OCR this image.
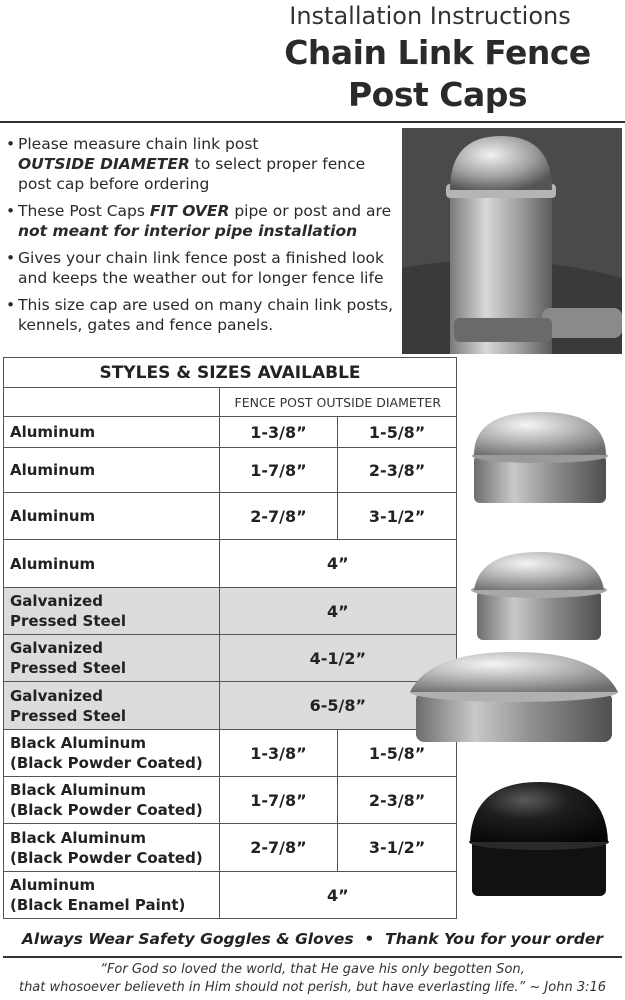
Installation Instructions
Chain Link Fence
Post Caps
• Please measure chain link post
OUTSIDE DIAMETER to select proper fence post cap before ordering
• These Post Caps FIT OVER pipe or post and are not meant for interior pipe installation
• Gives your chain link fence post a finished look and keeps the weather out for longer fence life
• This size cap are used on many chain link posts, kennels, gates and fence panels.
STYLES & SIZES AVAILABLE		
	FENCE POST OUTSIDE DIAMETER	

Aluminum	1-3/8”	1-5/8”

Aluminum	1-7/8”	2-3/8”

Aluminum	2-7/8”	3-1/2”

Aluminum	4”	

Galvanized
Pressed Steel	4”	

Galvanized
Pressed Steel	4-1/2”	

Galvanized
Pressed Steel	6-5/8”	

Black Aluminum
(Black Powder Coated)	1-3/8”	1-5/8”

Black Aluminum
(Black Powder Coated)	1-7/8”	2-3/8”

Black Aluminum
(Black Powder Coated)	2-7/8”	3-1/2”

Aluminum
(Black Enamel Paint)	4”	
Always Wear Safety Goggles & Gloves • Thank You for your order
“For God so loved the world, that He gave his only begotten Son,
that whosoever believeth in Him should not perish, but have everlasting life.” ~ John 3:16
